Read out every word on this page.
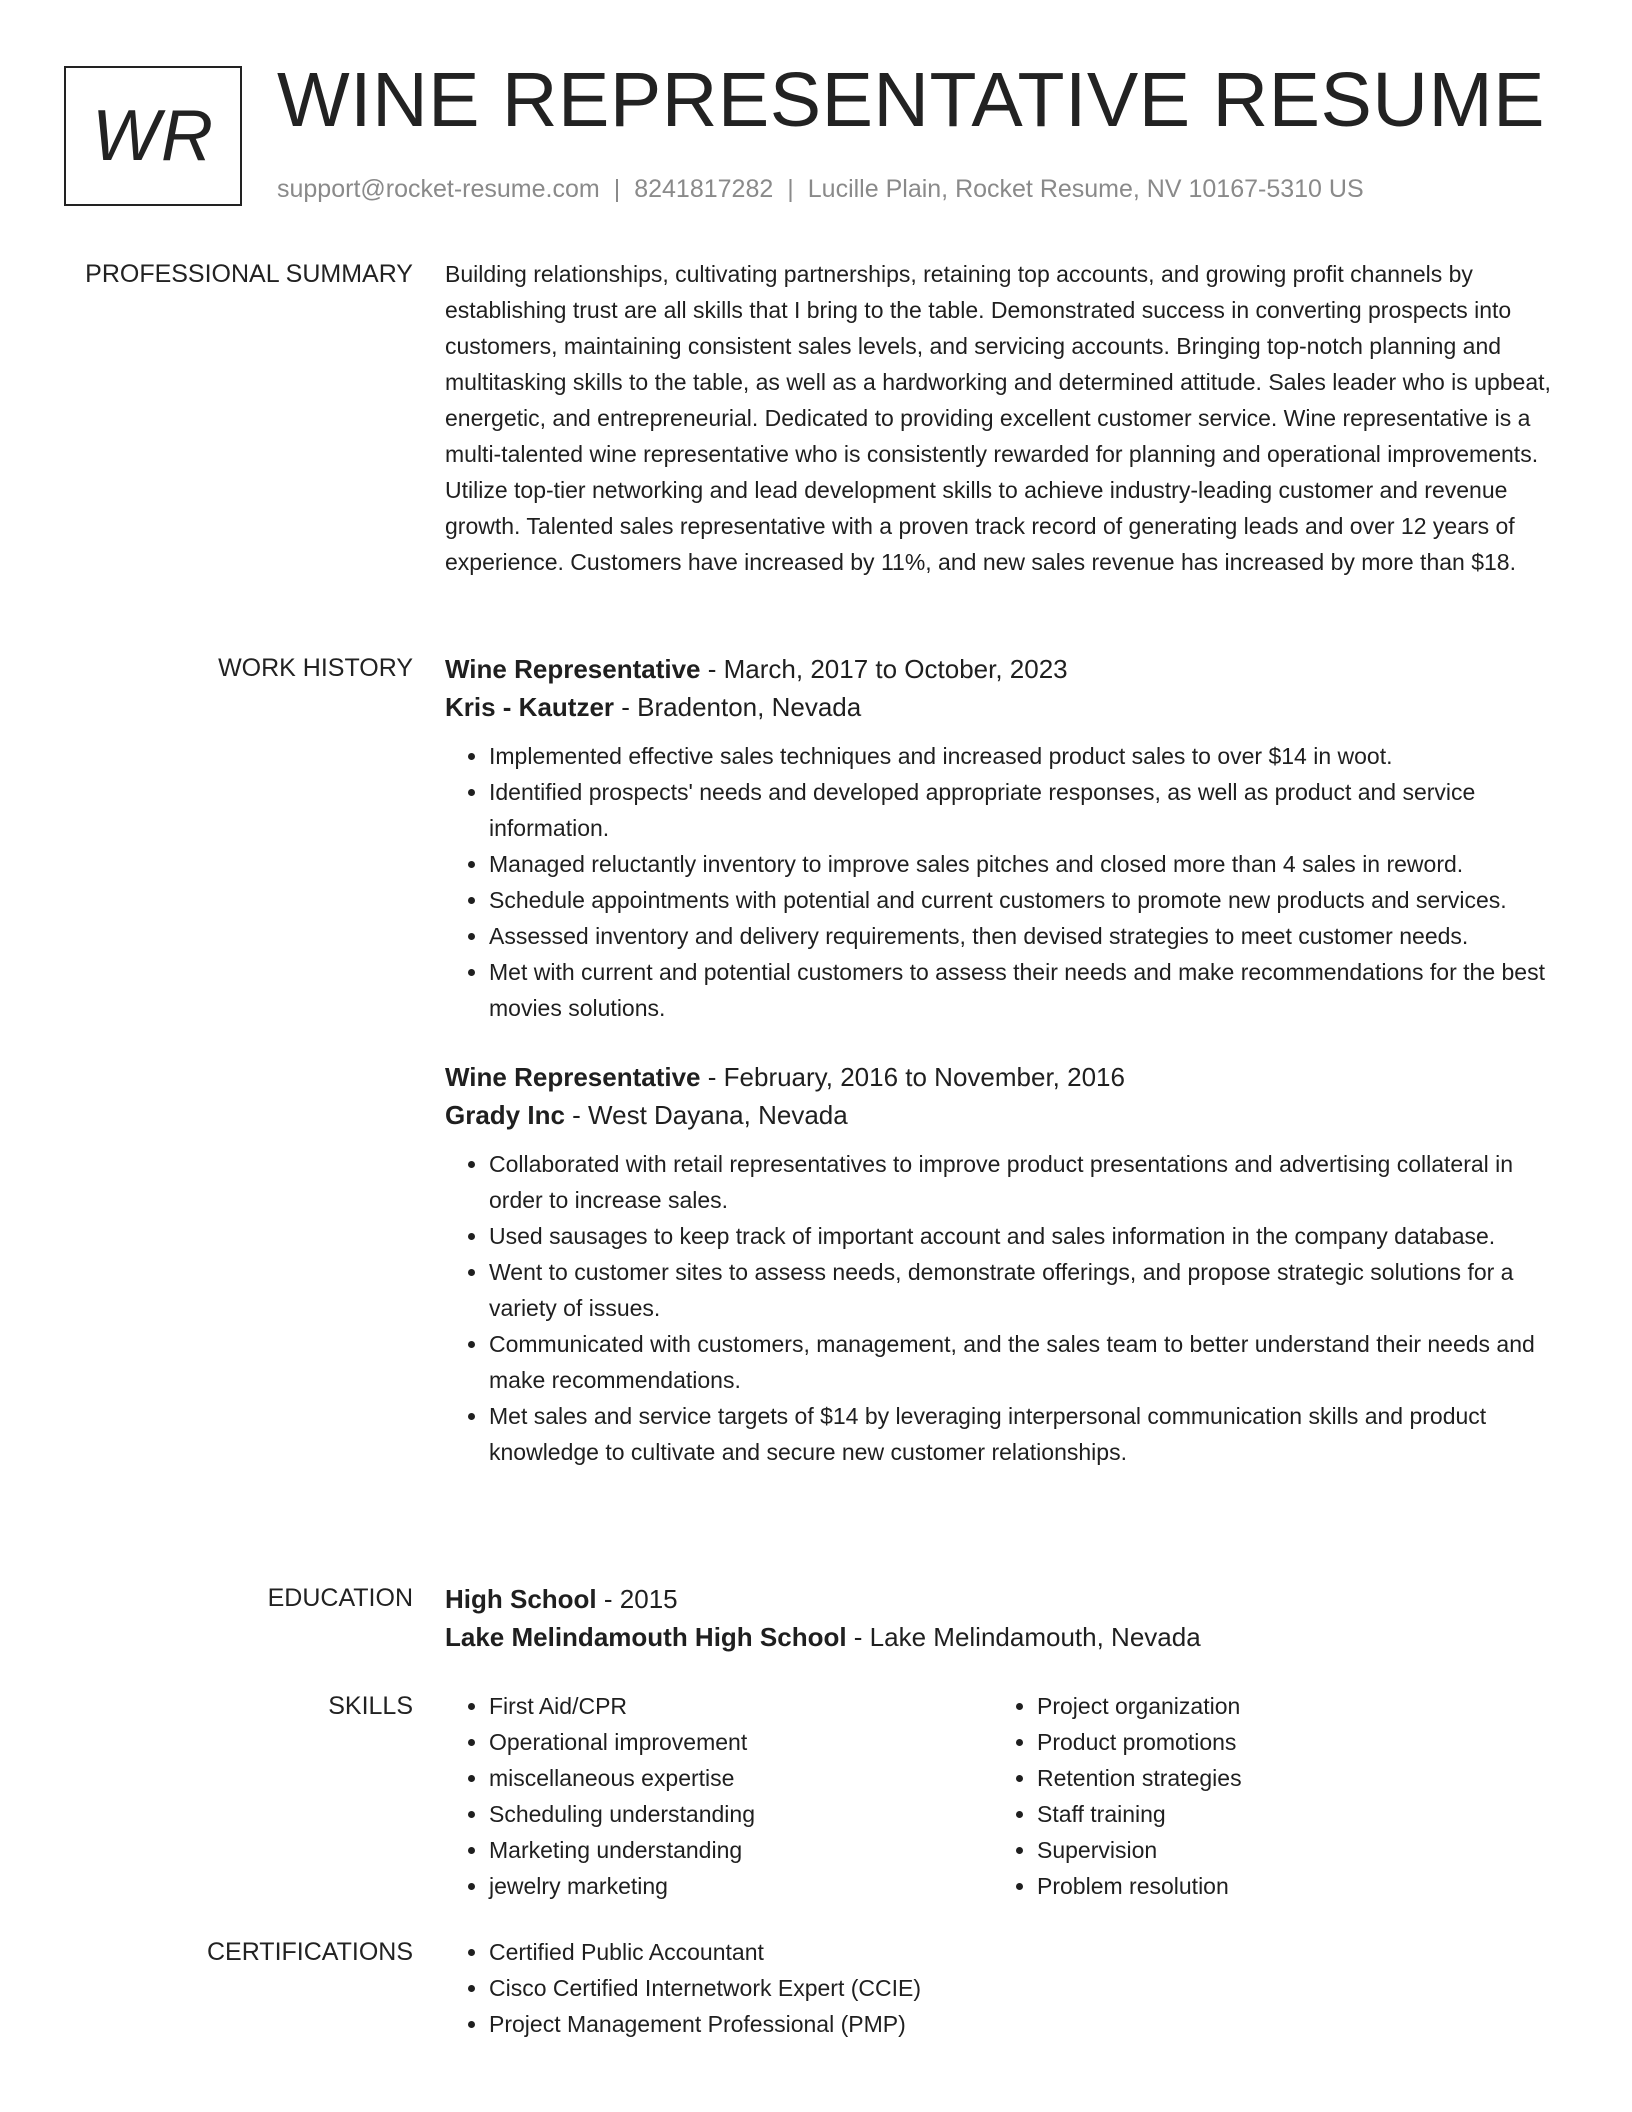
WR WINE REPRESENTATIVE RESUME
support@rocket-resume.com | 8241817282 | Lucille Plain, Rocket Resume, NV 10167-5310 US
PROFESSIONAL SUMMARY Building relationships, cultivating partnerships, retaining top accounts, and growing profit channels by establishing trust are all skills that I bring to the table. Demonstrated success in converting prospects into customers, maintaining consistent sales levels, and servicing accounts. Bringing top-notch planning and multitasking skills to the table, as well as a hardworking and determined attitude. Sales leader who is upbeat, energetic, and entrepreneurial. Dedicated to providing excellent customer service. Wine representative is a multi-talented wine representative who is consistently rewarded for planning and operational improvements. Utilize top-tier networking and lead development skills to achieve industry-leading customer and revenue growth. Talented sales representative with a proven track record of generating leads and over 12 years of experience. Customers have increased by 11%, and new sales revenue has increased by more than $18.

WORK HISTORY Wine Representative - March, 2017 to October, 2023
Kris - Kautzer - Bradenton, Nevada
• Implemented effective sales techniques and increased product sales to over $14 in woot.
• Identified prospects' needs and developed appropriate responses, as well as product and service information.
• Managed reluctantly inventory to improve sales pitches and closed more than 4 sales in reword.
• Schedule appointments with potential and current customers to promote new products and services.
• Assessed inventory and delivery requirements, then devised strategies to meet customer needs.
• Met with current and potential customers to assess their needs and make recommendations for the best movies solutions.
Wine Representative - February, 2016 to November, 2016
Grady Inc - West Dayana, Nevada
• Collaborated with retail representatives to improve product presentations and advertising collateral in order to increase sales.
• Used sausages to keep track of important account and sales information in the company database.
• Went to customer sites to assess needs, demonstrate offerings, and propose strategic solutions for a variety of issues.
• Communicated with customers, management, and the sales team to better understand their needs and make recommendations.
• Met sales and service targets of $14 by leveraging interpersonal communication skills and product knowledge to cultivate and secure new customer relationships.
EDUCATION High School - 2015
Lake Melindamouth High School - Lake Melindamouth, Nevada
SKILLS	• First Aid/CPR
• Operational improvement
• miscellaneous expertise
• Scheduling understanding
• Marketing understanding
• jewelry marketing
• Project organization
• Product promotions
• Retention strategies
• Staff training
• Supervision
• Problem resolution
CERTIFICATIONS	• Certified Public Accountant
• Cisco Certified Internetwork Expert (CCIE)
• Project Management Professional (PMP)
